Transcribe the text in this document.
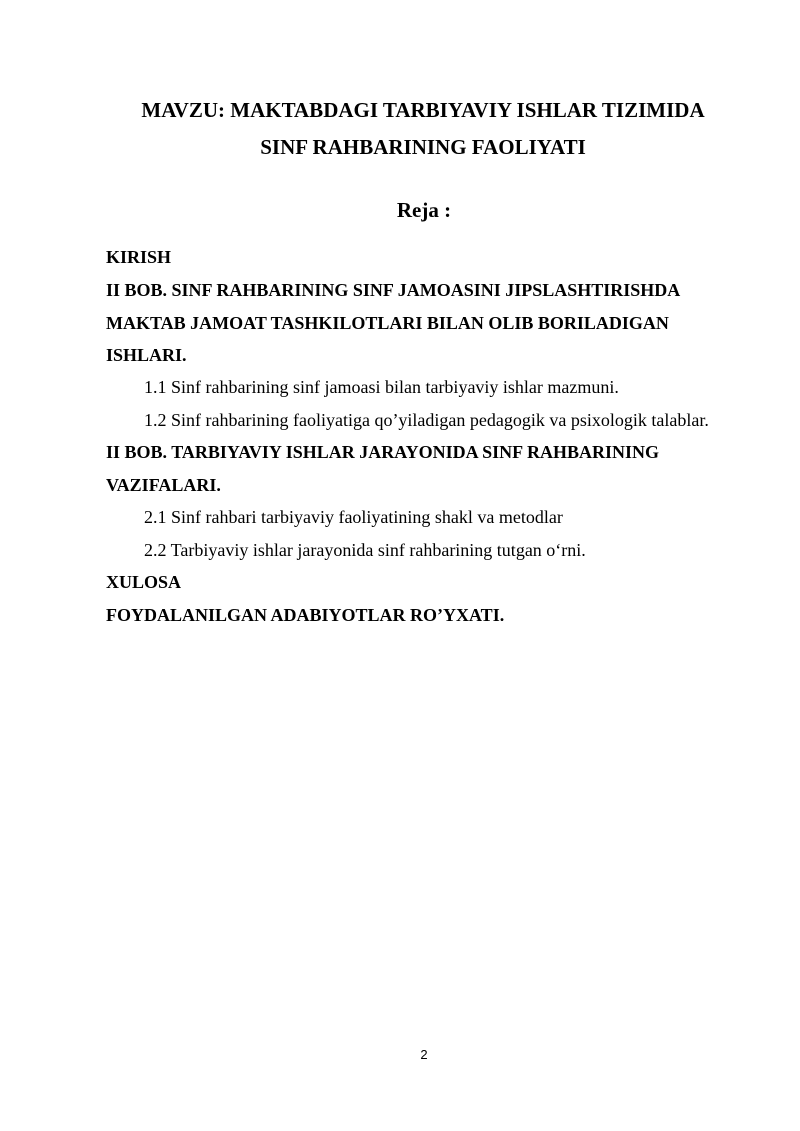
MAVZU: MAKTABDAGI TARBIYAVIY ISHLAR TIZIMIDA
SINF RAHBARINING FAOLIYATI
Reja :
KIRISH
II BOB. SINF RAHBARINING SINF JAMOASINI JIPSLASHTIRISHDA
MAKTAB JAMOAT TASHKILOTLARI BILAN OLIB BORILADIGAN
ISHLARI.
1.1 Sinf rahbarining sinf jamoasi bilan tarbiyaviy ishlar mazmuni.
1.2 Sinf rahbarining faoliyatiga qo’yiladigan pedagogik va psixologik talablar.
II BOB. TARBIYAVIY ISHLAR JARAYONIDA SINF RAHBARINING
VAZIFALARI.
2.1 Sinf rahbari tarbiyaviy faoliyatining shakl va metodlar
2.2 Tarbiyaviy ishlar jarayonida sinf rahbarining tutgan o‘rni.
XULOSA
FOYDALANILGAN ADABIYOTLAR RO’YXATI.
2
